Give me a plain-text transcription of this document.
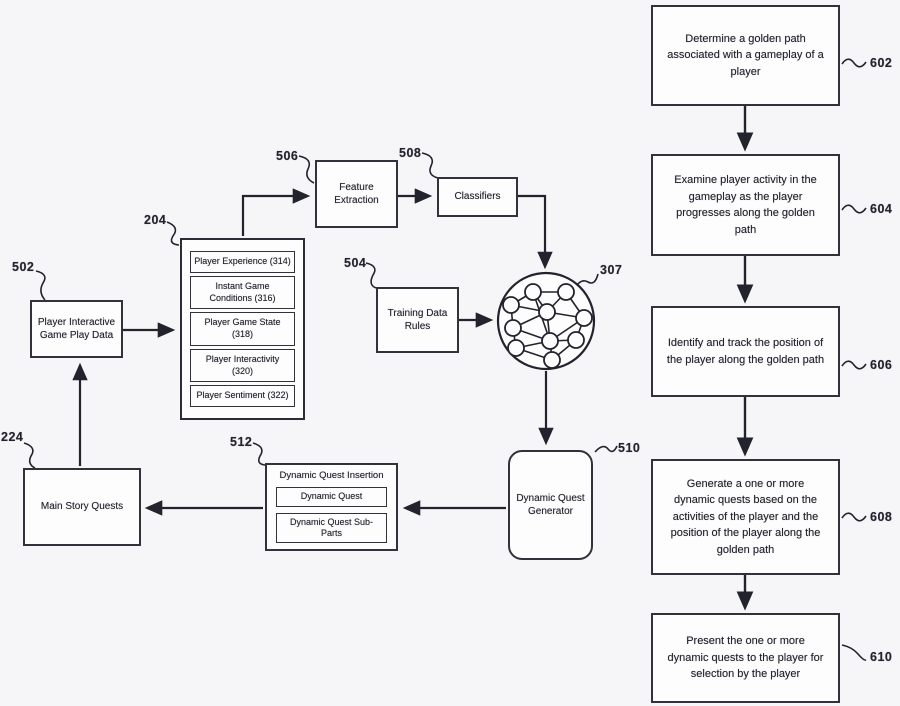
Player Interactive Game Play Data
502	Player Experience (314)
Instant Game Conditions (316)
Player Game State (318)
Player Interactivity (320)
Player Sentiment (322)
204
Feature Extraction
506
Classifiers
508
Training Data Rules
504	307
Dynamic Quest Generator
510
Dynamic Quest Insertion
Dynamic Quest
Dynamic Quest Sub-Parts
512
Main Story Quests
224
Determine a golden path associated with a gameplay of a player
602
Examine player activity in the gameplay as the player progresses along the golden path
604
Identify and track the position of the player along the golden path	606
Generate a one or more dynamic quests based on the activities of the player and the position of the player along the golden path
608
Present the one or more dynamic quests to the player for selection by the player
610
